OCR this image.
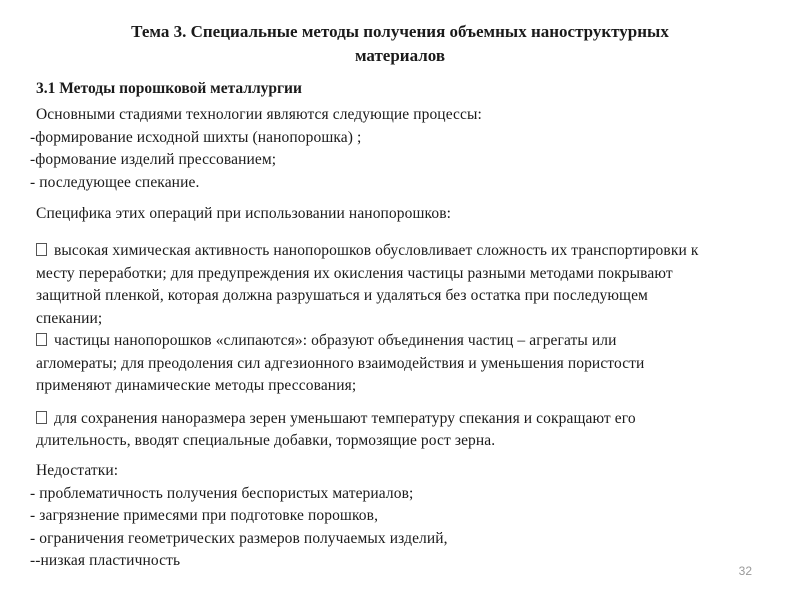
Тема 3. Специальные методы получения объемных наноструктурных
материалов
3.1 Методы порошковой металлургии
Основными стадиями технологии являются следующие процессы:
-формирование исходной шихты (нанопорошка) ;
-формование изделий прессованием;
- последующее спекание.
Специфика этих операций при использовании нанопорошков:
высокая химическая активность нанопорошков обусловливает сложность их транспортировки к
месту переработки; для предупреждения их окисления частицы разными методами покрывают
защитной пленкой, которая должна разрушаться и удаляться без остатка при последующем
спекании;
частицы нанопорошков «слипаются»: образуют объединения частиц – агрегаты или
агломераты; для преодоления сил адгезионного взаимодействия и уменьшения пористости
применяют динамические методы прессования;
для сохранения наноразмера зерен уменьшают температуру спекания и сокращают его
длительность, вводят специальные добавки, тормозящие рост зерна.
Недостатки:
- проблематичность получения беспористых материалов;
- загрязнение примесями при подготовке порошков,
- ограничения геометрических размеров получаемых изделий,
--низкая пластичность
32
